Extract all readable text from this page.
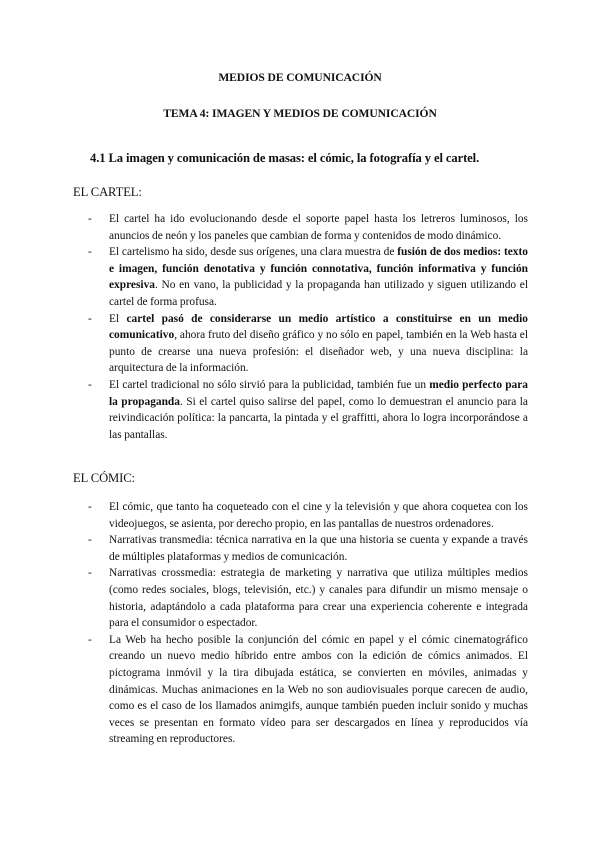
MEDIOS DE COMUNICACIÓN
TEMA 4: IMAGEN Y MEDIOS DE COMUNICACIÓN
4.1 La imagen y comunicación de masas: el cómic, la fotografía y el cartel.
EL CARTEL:
- El cartel ha ido evolucionando desde el soporte papel hasta los letreros luminosos, los anuncios de neón y los paneles que cambian de forma y contenidos de modo dinámico.
- El cartelismo ha sido, desde sus orígenes, una clara muestra de fusión de dos medios: texto e imagen, función denotativa y función connotativa, función informativa y función expresiva. No en vano, la publicidad y la propaganda han utilizado y siguen utilizando el cartel de forma profusa.
- El cartel pasó de considerarse un medio artístico a constituirse en un medio comunicativo, ahora fruto del diseño gráfico y no sólo en papel, también en la Web hasta el punto de crearse una nueva profesión: el diseñador web, y una nueva disciplina: la arquitectura de la información.
- El cartel tradicional no sólo sirvió para la publicidad, también fue un medio perfecto para la propaganda. Si el cartel quiso salirse del papel, como lo demuestran el anuncio para la reivindicación política: la pancarta, la pintada y el graffitti, ahora lo logra incorporándose a las pantallas.
EL CÓMIC:
- El cómic, que tanto ha coqueteado con el cine y la televisión y que ahora coquetea con los videojuegos, se asienta, por derecho propio, en las pantallas de nuestros ordenadores.
- Narrativas transmedia: técnica narrativa en la que una historia se cuenta y expande a través de múltiples plataformas y medios de comunicación.
- Narrativas crossmedia: estrategia de marketing y narrativa que utiliza múltiples medios (como redes sociales, blogs, televisión, etc.) y canales para difundir un mismo mensaje o historia, adaptándolo a cada plataforma para crear una experiencia coherente e integrada para el consumidor o espectador.
- La Web ha hecho posible la conjunción del cómic en papel y el cómic cinematográfico creando un nuevo medio híbrido entre ambos con la edición de cómics animados. El pictograma inmóvil y la tira dibujada estática, se convierten en móviles, animadas y dinámicas. Muchas animaciones en la Web no son audiovisuales porque carecen de audio, como es el caso de los llamados animgifs, aunque también pueden incluir sonido y muchas veces se presentan en formato vídeo para ser descargados en línea y reproducidos vía streaming en reproductores.
